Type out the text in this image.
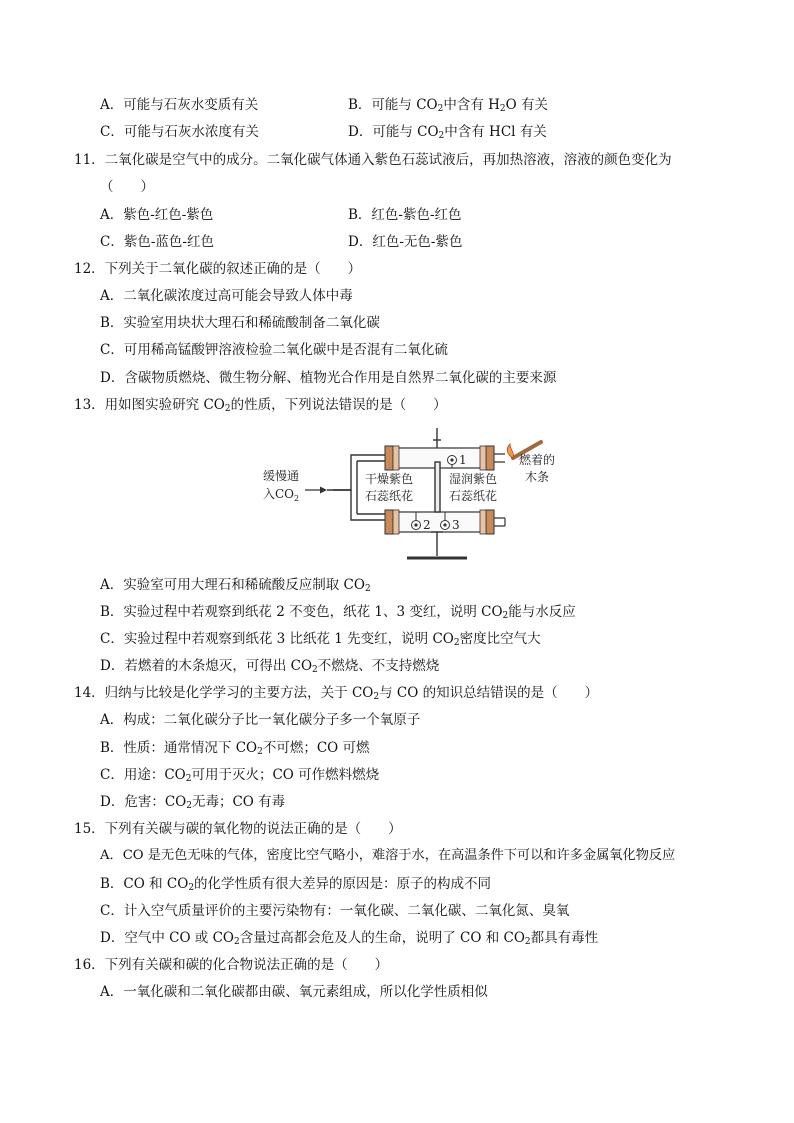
A．可能与石灰水变质有关	B．可能与 $CO_2$中含有 $H_2O$ 有关
C．可能与石灰水浓度有关	D．可能与 $CO_2$中含有 HCl 有关
11．二氧化碳是空气中的成分。二氧化碳气体通入紫色石蕊试液后，再加热溶液，溶液的颜色变化为
（　　）
A．紫色-红色-紫色	B．红色-紫色-红色
C．紫色-蓝色-红色	D．红色-无色-紫色
12．下列关于二氧化碳的叙述正确的是（　　）
A．二氧化碳浓度过高可能会导致人体中毒
B．实验室用块状大理石和稀硫酸制备二氧化碳
C．可用稀高锰酸钾溶液检验二氧化碳中是否混有二氧化硫
D．含碳物质燃烧、微生物分解、植物光合作用是自然界二氧化碳的主要来源
13．用如图实验研究 $CO_2$的性质，下列说法错误的是（　　）
缓慢通
入$CO_2$
干燥紫色
石蕊纸花
湿润紫色
石蕊纸花
燃着的
木条
1
2 3
A．实验室可用大理石和稀硫酸反应制取 $CO_2$
B．实验过程中若观察到纸花 2 不变色，纸花 1、3 变红，说明 $CO_2$能与水反应
C．实验过程中若观察到纸花 3 比纸花 1 先变红，说明 $CO_2$密度比空气大
D．若燃着的木条熄灭，可得出 $CO_2$不燃烧、不支持燃烧
14．归纳与比较是化学学习的主要方法，关于 $CO_2$与 CO 的知识总结错误的是（　　）
A．构成：二氧化碳分子比一氧化碳分子多一个氧原子
B．性质：通常情况下 $CO_2$不可燃；CO 可燃
C．用途：$CO_2$可用于灭火；CO 可作燃料燃烧
D．危害：$CO_2$无毒；CO 有毒
15．下列有关碳与碳的氧化物的说法正确的是（　　）
A．CO 是无色无味的气体，密度比空气略小，难溶于水，在高温条件下可以和许多金属氧化物反应
B．CO 和 $CO_2$的化学性质有很大差异的原因是：原子的构成不同
C．计入空气质量评价的主要污染物有：一氧化碳、二氧化碳、二氧化氮、臭氧
D．空气中 CO 或 $CO_2$含量过高都会危及人的生命，说明了 CO 和 $CO_2$都具有毒性
16．下列有关碳和碳的化合物说法正确的是（　　）
A．一氧化碳和二氧化碳都由碳、氧元素组成，所以化学性质相似
